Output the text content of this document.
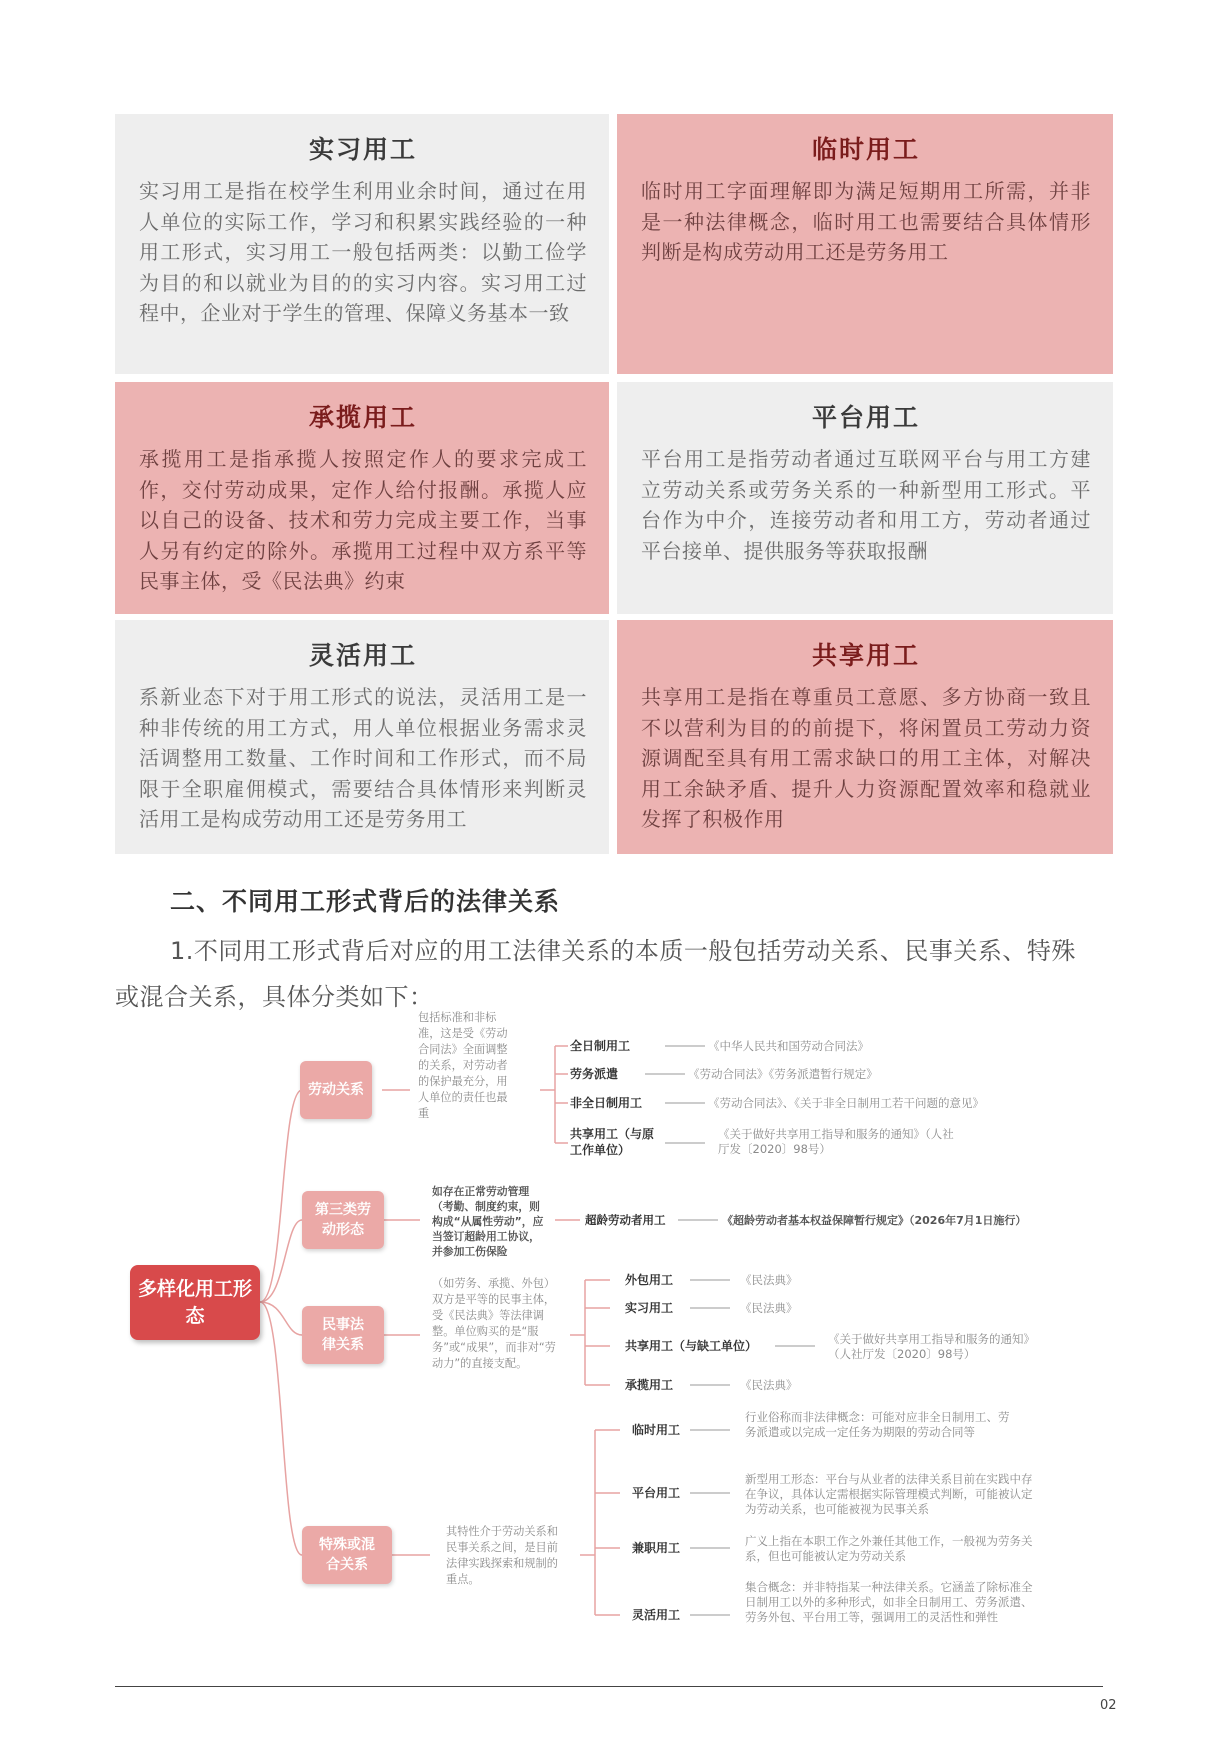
实习用工

实习用工是指在校学生利用业余时间，通过在用人单位的实际工作，学习和积累实践经验的一种用工形式，实习用工一般包括两类：以勤工俭学为目的和以就业为目的的实习内容。实习用工过程中，企业对于学生的管理、保障义务基本一致

临时用工

临时用工字面理解即为满足短期用工所需，并非是一种法律概念，临时用工也需要结合具体情形判断是构成劳动用工还是劳务用工

承揽用工

承揽用工是指承揽人按照定作人的要求完成工作，交付劳动成果，定作人给付报酬。承揽人应以自己的设备、技术和劳力完成主要工作，当事人另有约定的除外。承揽用工过程中双方系平等民事主体，受《民法典》约束

平台用工

平台用工是指劳动者通过互联网平台与用工方建立劳动关系或劳务关系的一种新型用工形式。平台作为中介，连接劳动者和用工方，劳动者通过平台接单、提供服务等获取报酬

灵活用工

系新业态下对于用工形式的说法，灵活用工是一种非传统的用工方式，用人单位根据业务需求灵活调整用工数量、工作时间和工作形式，而不局限于全职雇佣模式，需要结合具体情形来判断灵活用工是构成劳动用工还是劳务用工

共享用工

共享用工是指在尊重员工意愿、多方协商一致且不以营利为目的的前提下，将闲置员工劳动力资源调配至具有用工需求缺口的用工主体，对解决用工余缺矛盾、提升人力资源配置效率和稳就业发挥了积极作用

二、不同用工形式背后的法律关系
1.不同用工形式背后对应的用工法律关系的本质一般包括劳动关系、民事关系、特殊或混合关系，具体分类如下：
多样化用工形态
劳动关系
包括标准和非标准，这是受《劳动合同法》全面调整的关系，对劳动者的保护最充分，用人单位的责任也最重
全日制用工	《中华人民共和国劳动合同法》
劳务派遣	《劳动合同法》《劳务派遣暂行规定》
非全日制用工	《劳动合同法》、《关于非全日制用工若干问题的意见》
共享用工（与原工作单位）
《关于做好共享用工指导和服务的通知》（人社厅发〔2020〕98号）
第三类劳动形态
如存在正常劳动管理（考勤、制度约束，则构成“从属性劳动”，应当签订超龄用工协议，并参加工伤保险
超龄劳动者用工	《超龄劳动者基本权益保障暂行规定》（2026年7月1日施行）
民事法律关系
（如劳务、承揽、外包）双方是平等的民事主体，受《民法典》等法律调整。单位购买的是“服务”或“成果”，而非对“劳动力”的直接支配。
外包用工	《民法典》
实习用工	《民法典》
共享用工（与缺工单位）	《关于做好共享用工指导和服务的通知》（人社厅发〔2020〕98号）
承揽用工	《民法典》
特殊或混合关系
其特性介于劳动关系和民事关系之间，是目前法律实践探索和规制的重点。
临时用工
行业俗称而非法律概念：可能对应非全日制用工、劳务派遣或以完成一定任务为期限的劳动合同等
平台用工
新型用工形态：平台与从业者的法律关系目前在实践中存在争议，具体认定需根据实际管理模式判断，可能被认定为劳动关系，也可能被视为民事关系
兼职用工	广义上指在本职工作之外兼任其他工作，一般视为劳务关系，但也可能被认定为劳动关系
灵活用工
集合概念：并非特指某一种法律关系。它涵盖了除标准全日制用工以外的多种形式，如非全日制用工、劳务派遣、劳务外包、平台用工等，强调用工的灵活性和弹性
02
